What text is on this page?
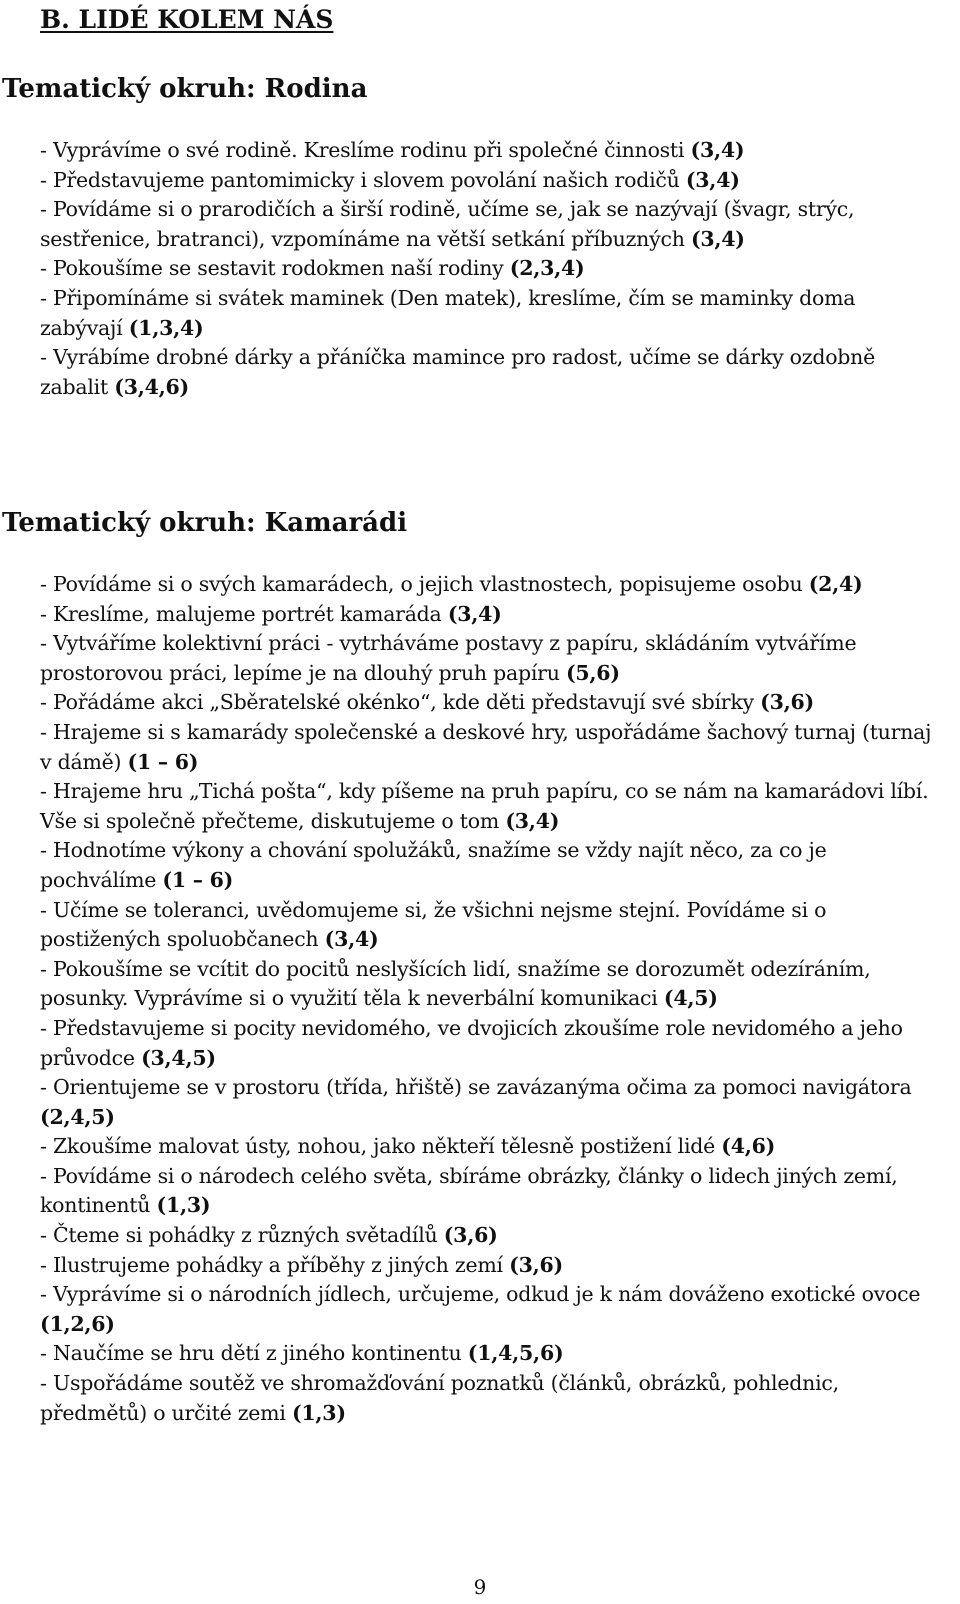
B. LIDÉ KOLEM NÁS
Tematický okruh: Rodina
- Vyprávíme o své rodině. Kreslíme rodinu při společné činnosti (3,4)
- Představujeme pantomimicky i slovem povolání našich rodičů (3,4)
- Povídáme si o prarodičích a širší rodině, učíme se, jak se nazývají (švagr, strýc, sestřenice, bratranci), vzpomínáme na větší setkání příbuzných (3,4)
- Pokoušíme se sestavit rodokmen naší rodiny (2,3,4)
- Připomínáme si svátek maminek (Den matek), kreslíme, čím se maminky doma zabývají (1,3,4)
- Vyrábíme drobné dárky a přáníčka mamince pro radost, učíme se dárky ozdobně zabalit (3,4,6)
Tematický okruh: Kamarádi
- Povídáme si o svých kamarádech, o jejich vlastnostech, popisujeme osobu (2,4)
- Kreslíme, malujeme portrét kamaráda (3,4)
- Vytváříme kolektivní práci - vytrháváme postavy z papíru, skládáním vytváříme prostorovou práci, lepíme je na dlouhý pruh papíru (5,6)
- Pořádáme akci „Sběratelské okénko“, kde děti představují své sbírky (3,6)
- Hrajeme si s kamarády společenské a deskové hry, uspořádáme šachový turnaj (turnaj v dámě) (1 – 6)
- Hrajeme hru „Tichá pošta“, kdy píšeme na pruh papíru, co se nám na kamarádovi líbí. Vše si společně přečteme, diskutujeme o tom (3,4)
- Hodnotíme výkony a chování spolužáků, snažíme se vždy najít něco, za co je pochválíme (1 – 6)
- Učíme se toleranci, uvědomujeme si, že všichni nejsme stejní. Povídáme si o postižených spoluobčanech (3,4)
- Pokoušíme se vcítit do pocitů neslyšících lidí, snažíme se dorozumět odezíráním, posunky. Vyprávíme si o využití těla k neverbální komunikaci (4,5)
- Představujeme si pocity nevidomého, ve dvojicích zkoušíme role nevidomého a jeho průvodce (3,4,5)
- Orientujeme se v prostoru (třída, hřiště) se zavázanýma očima za pomoci navigátora (2,4,5)
- Zkoušíme malovat ústy, nohou, jako někteří tělesně postižení lidé (4,6)
- Povídáme si o národech celého světa, sbíráme obrázky, články o lidech jiných zemí, kontinentů (1,3)
- Čteme si pohádky z různých světadílů (3,6)
- Ilustrujeme pohádky a příběhy z jiných zemí (3,6)
- Vyprávíme si o národních jídlech, určujeme, odkud je k nám dováženo exotické ovoce (1,2,6)
- Naučíme se hru dětí z jiného kontinentu (1,4,5,6)
- Uspořádáme soutěž ve shromažďování poznatků (článků, obrázků, pohlednic, předmětů) o určité zemi (1,3)
9
